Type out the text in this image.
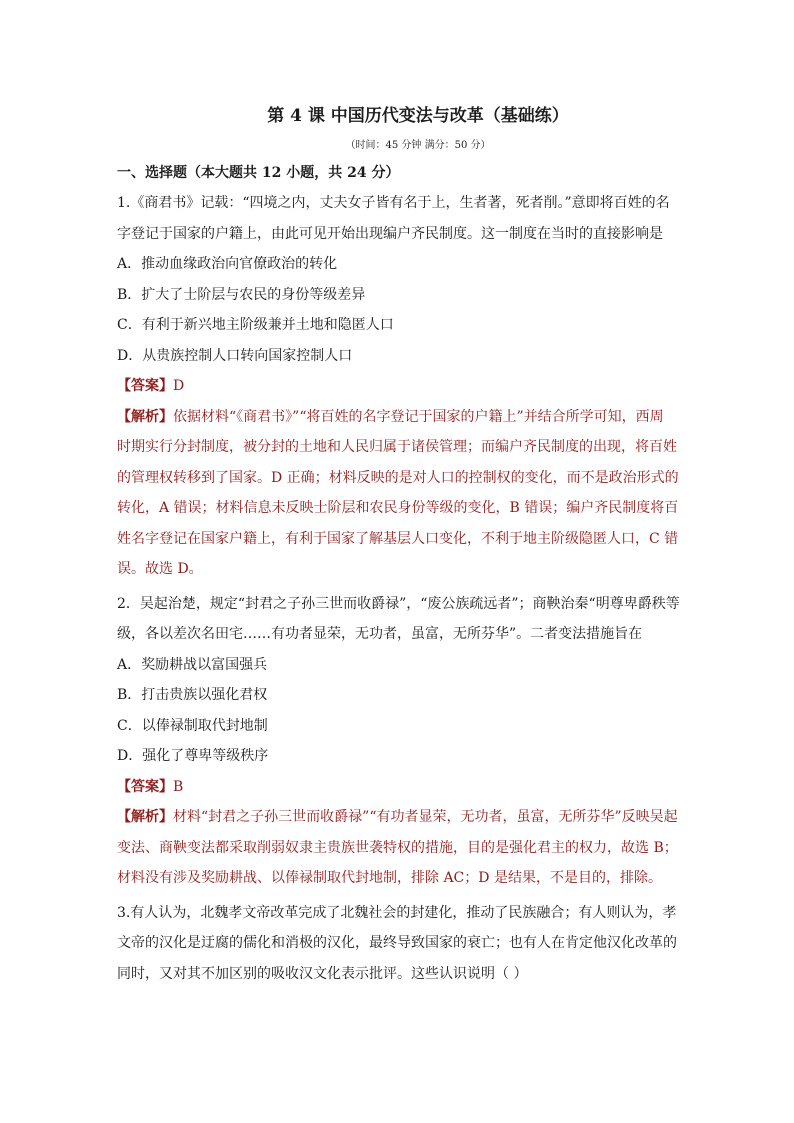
第 4 课 中国历代变法与改革（基础练）
（时间：45 分钟 满分：50 分）
一、选择题（本大题共 12 小题，共 24 分）
1.《商君书》记载：“四境之内，丈夫女子皆有名于上，生者著，死者削。”意即将百姓的名
字登记于国家的户籍上，由此可见开始出现编户齐民制度。这一制度在当时的直接影响是
A．推动血缘政治向官僚政治的转化
B．扩大了士阶层与农民的身份等级差异
C．有利于新兴地主阶级兼并土地和隐匿人口
D．从贵族控制人口转向国家控制人口
【答案】D
【解析】依据材料“《商君书》”“将百姓的名字登记于国家的户籍上”并结合所学可知，西周
时期实行分封制度，被分封的土地和人民归属于诸侯管理；而编户齐民制度的出现，将百姓
的管理权转移到了国家。D 正确；材料反映的是对人口的控制权的变化，而不是政治形式的
转化，A 错误；材料信息未反映士阶层和农民身份等级的变化，B 错误；编户齐民制度将百
姓名字登记在国家户籍上，有利于国家了解基层人口变化，不利于地主阶级隐匿人口，C 错
误。故选 D。
2．吴起治楚，规定“封君之子孙三世而收爵禄”，“废公族疏远者”；商鞅治秦“明尊卑爵秩等
级，各以差次名田宅……有功者显荣，无功者，虽富，无所芬华”。二者变法措施旨在
A．奖励耕战以富国强兵
B．打击贵族以强化君权
C．以俸禄制取代封地制
D．强化了尊卑等级秩序
【答案】B
【解析】材料“封君之子孙三世而收爵禄”“有功者显荣，无功者，虽富，无所芬华”反映吴起
变法、商鞅变法都采取削弱奴隶主贵族世袭特权的措施，目的是强化君主的权力，故选 B；
材料没有涉及奖励耕战、以俸禄制取代封地制，排除 AC；D 是结果，不是目的，排除。
3.有人认为，北魏孝文帝改革完成了北魏社会的封建化，推动了民族融合；有人则认为，孝
文帝的汉化是迂腐的儒化和消极的汉化，最终导致国家的衰亡；也有人在肯定他汉化改革的
同时，又对其不加区别的吸收汉文化表示批评。这些认识说明（ ）
